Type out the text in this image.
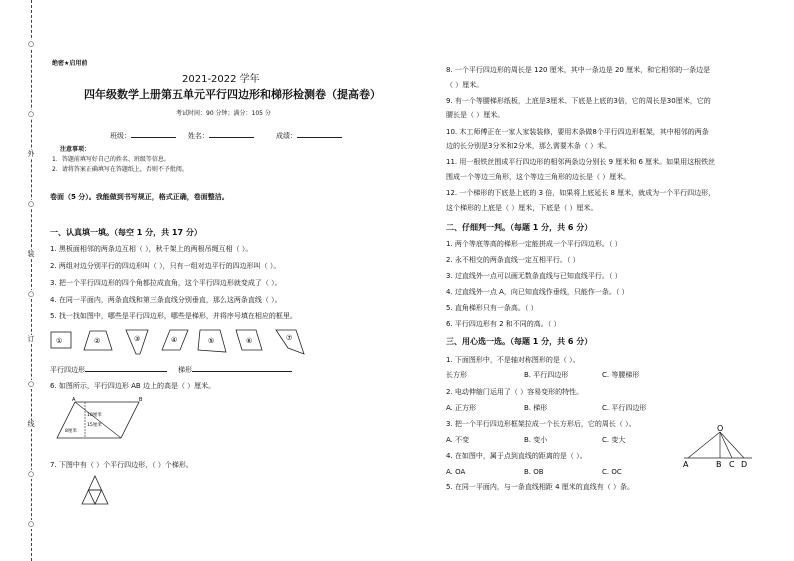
○
○
外
○
装
○
订
○
线
○
○
绝密★启用前
2021-2022 学年
四年级数学上册第五单元平行四边形和梯形检测卷（提高卷）
考试时间：90 分钟；满分：105 分
班级：	姓名：	成绩：
注意事项：
1．答题前填写好自己的姓名、班级等信息。
2．请将答案正确填写在答题纸上，否则不予批阅。
卷面（5 分）。我能做到书写规正，格式正确，卷面整洁。
一、认真填一填。（每空 1 分，共 17 分）
1. 黑板面相邻的两条边互相（ ），秋千架上的两根吊绳互相（ ）。
2. 两组对边分别平行的四边形叫（ ），只有一组对边平行的四边形叫（ ）。
3. 把一个平行四边形的四个角都拉成直角，这个平行四边形就变成了（ ）。
4. 在同一平面内，两条直线和第三条直线分别垂直，那么这两条直线（ ）。
5. 找一找如图中，哪些是平行四边形，哪些是梯形，并将序号填在相应的框里。
①	②	③	④	⑤	⑥	⑦
平行四边形	梯形
6. 如图所示，平行四边形 AB 边上的高是（ ）厘米。
A	B
10厘米
15厘米
8厘米
7. 下图中有（ ）个平行四边形，（ ）个梯形。
8. 一个平行四边形的周长是 120 厘米，其中一条边是 20 厘米，和它相邻的一条边是
（ ）厘米。
9. 有一个等腰梯形纸板，上底是3厘米、下底是上底的3倍，它的周长是30厘米，它的
腰长是（ ）厘米。
10. 木工师傅正在一家人家装装修，要用木条做8个平行四边形框架，其中相邻的两条
边的长分别是3分米和2分米，那么需要木条（ ）米。
11. 用一根铁丝围成平行四边形的相邻两条边分别长 9 厘米和 6 厘米。如果用这根铁丝
围成一个等边三角形，这个等边三角形的边长是（ ）厘米。
12. 一个梯形的下底是上底的 3 倍，如果将上底延长 8 厘米，就成为一个平行四边形，
这个梯形的上底是（ ）厘米，下底是（ ）厘米。
二、仔细判一判。（每题 1 分，共 6 分）
1. 两个等底等高的梯形一定能拼成一个平行四边形。（ ）
2. 永不相交的两条直线一定互相平行。（ ）
3. 过直线外一点可以画无数条直线与已知直线平行。（ ）
4. 过直线外一点 A，向已知直线作垂线，只能作一条。（ ）
5. 直角梯形只有一条高。（ ）
6. 平行四边形有 2 和不同的高。（ ）
三、用心选一选。（每题 1 分，共 6 分）
1. 下面图形中，不是轴对称图形的是（ ）。
长方形	B. 平行四边形	C. 等腰梯形
2. 电动伸缩门运用了（ ）容易变形的特性。
A. 正方形	B. 梯形	C. 平行四边形
3. 把一个平行四边形框架拉成一个长方形后，它的周长（ ）。
A. 不变	B. 变小	C. 变大
4. 在如图中，属于点到直线的距离的是（ ）。
A. OA	B. OB	C. OC
O
A	B C D
5. 在同一平面内，与一条直线相距 4 厘米的直线有（ ）条。
